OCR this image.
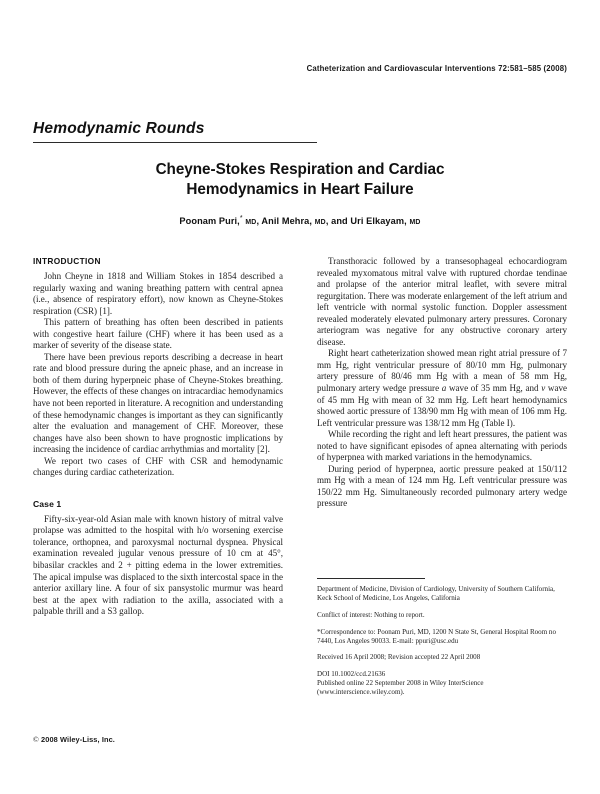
Catheterization and Cardiovascular Interventions 72:581–585 (2008)
Hemodynamic Rounds
Cheyne-Stokes Respiration and Cardiac
Hemodynamics in Heart Failure
Poonam Puri,* MD, Anil Mehra, MD, and Uri Elkayam, MD
INTRODUCTION

John Cheyne in 1818 and William Stokes in 1854 described a regularly waxing and waning breathing pattern with central apnea (i.e., absence of respiratory effort), now known as Cheyne-Stokes respiration (CSR) [1].

This pattern of breathing has often been described in patients with congestive heart failure (CHF) where it has been used as a marker of severity of the disease state.

There have been previous reports describing a decrease in heart rate and blood pressure during the apneic phase, and an increase in both of them during hyperpneic phase of Cheyne-Stokes breathing. However, the effects of these changes on intracardiac hemodynamics have not been reported in literature. A recognition and understanding of these hemodynamic changes is important as they can significantly alter the evaluation and management of CHF. Moreover, these changes have also been shown to have prognostic implications by increasing the incidence of cardiac arrhythmias and mortality [2].

We report two cases of CHF with CSR and hemodynamic changes during cardiac catheterization.

Case 1

Fifty-six-year-old Asian male with known history of mitral valve prolapse was admitted to the hospital with h/o worsening exercise tolerance, orthopnea, and paroxysmal nocturnal dyspnea. Physical examination revealed jugular venous pressure of 10 cm at 45°, bibasilar crackles and 2 + pitting edema in the lower extremities. The apical impulse was displaced to the sixth intercostal space in the anterior axillary line. A four of six pansystolic murmur was heard best at the apex with radiation to the axilla, associated with a palpable thrill and a S3 gallop.

Transthoracic followed by a transesophageal echocardiogram revealed myxomatous mitral valve with ruptured chordae tendinae and prolapse of the anterior mitral leaflet, with severe mitral regurgitation. There was moderate enlargement of the left atrium and left ventricle with normal systolic function. Doppler assessment revealed moderately elevated pulmonary artery pressures. Coronary arteriogram was negative for any obstructive coronary artery disease.

Right heart catheterization showed mean right atrial pressure of 7 mm Hg, right ventricular pressure of 80/10 mm Hg, pulmonary artery pressure of 80/46 mm Hg with a mean of 58 mm Hg, pulmonary artery wedge pressure a wave of 35 mm Hg, and v wave of 45 mm Hg with mean of 32 mm Hg. Left heart hemodynamics showed aortic pressure of 138/90 mm Hg with mean of 106 mm Hg. Left ventricular pressure was 138/12 mm Hg (Table I).

While recording the right and left heart pressures, the patient was noted to have significant episodes of apnea alternating with periods of hyperpnea with marked variations in the hemodynamics.

During period of hyperpnea, aortic pressure peaked at 150/112 mm Hg with a mean of 124 mm Hg. Left ventricular pressure was 150/22 mm Hg. Simultaneously recorded pulmonary artery wedge pressure

Department of Medicine, Division of Cardiology, University of Southern California, Keck School of Medicine, Los Angeles, California

Conflict of interest: Nothing to report.

*Correspondence to: Poonam Puri, MD, 1200 N State St, General Hospital Room no 7440, Los Angeles 90033. E-mail: ppuri@usc.edu

Received 16 April 2008; Revision accepted 22 April 2008

DOI 10.1002/ccd.21636

Published online 22 September 2008 in Wiley InterScience (www.interscience.wiley.com).

© 2008 Wiley-Liss, Inc.
